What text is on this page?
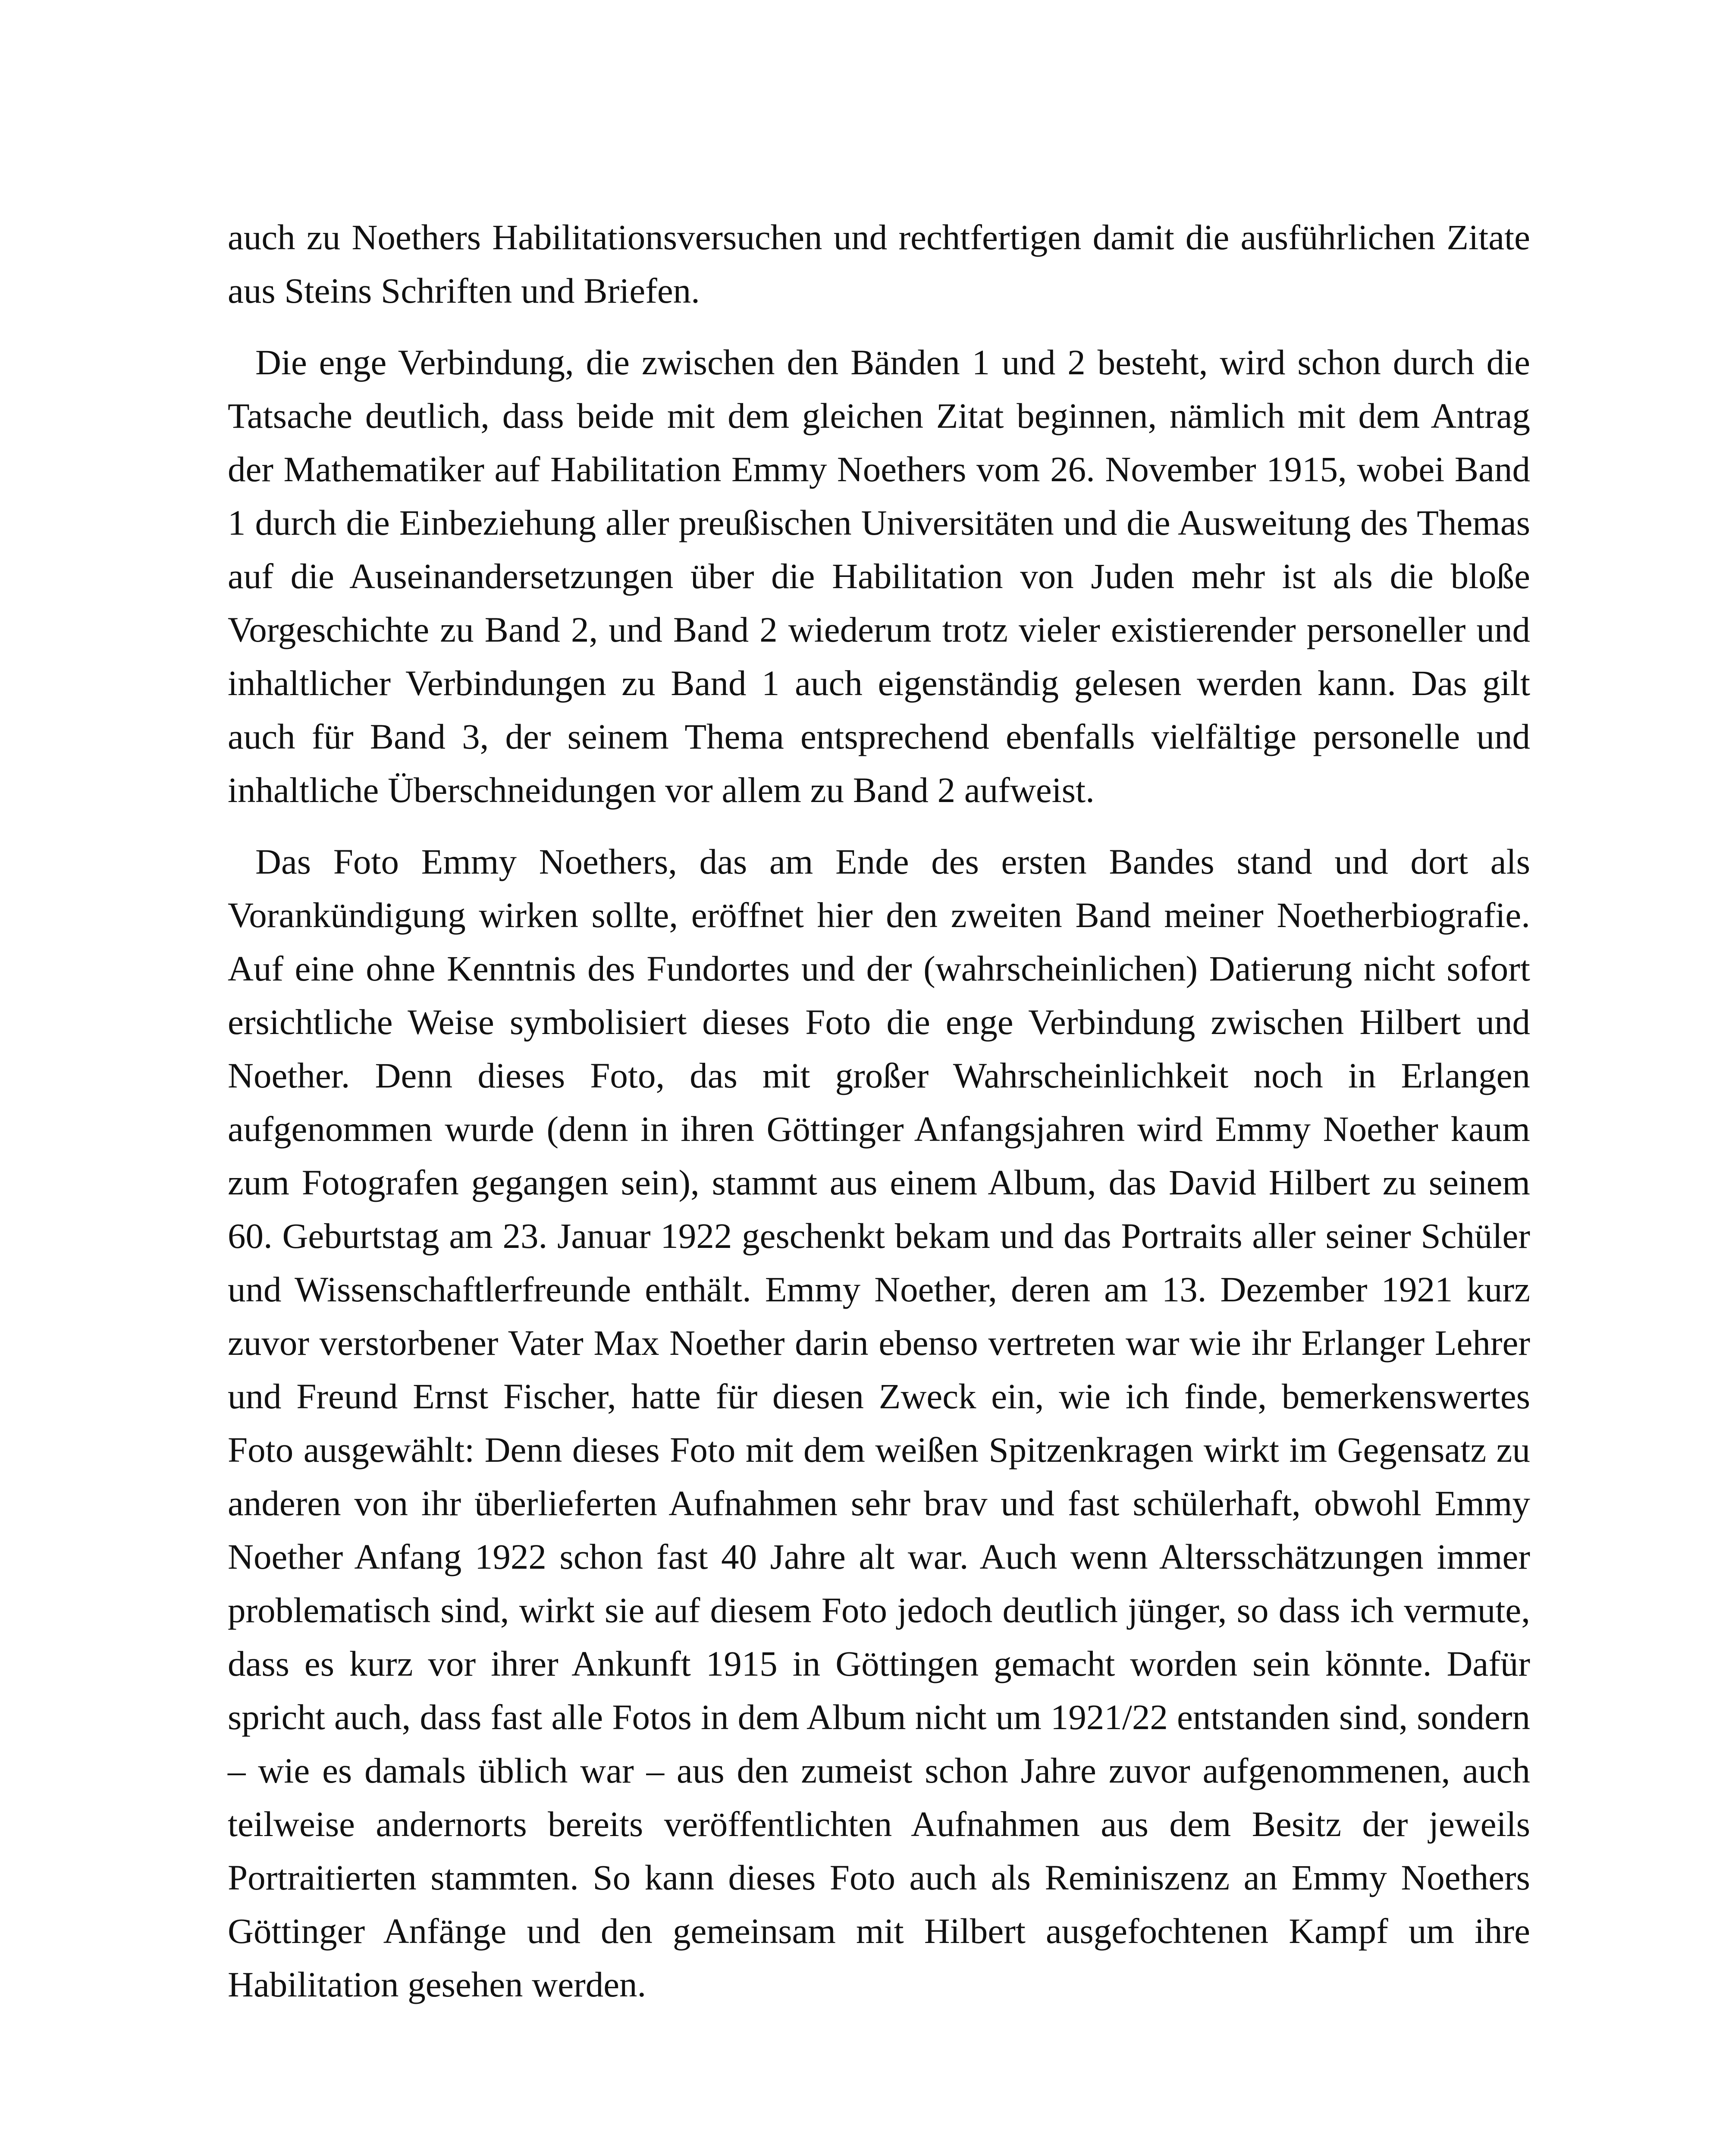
auch zu Noethers Habilitationsversuchen und rechtfertigen damit die ausführlichen Zitate aus Steins Schriften und Briefen.

Die enge Verbindung, die zwischen den Bänden 1 und 2 besteht, wird schon durch die Tatsache deutlich, dass beide mit dem gleichen Zitat beginnen, nämlich mit dem Antrag der Mathematiker auf Habilitation Emmy Noethers vom 26. November 1915, wobei Band 1 durch die Einbeziehung aller preußischen Universitäten und die Ausweitung des Themas auf die Auseinandersetzungen über die Habilitation von Juden mehr ist als die bloße Vorgeschichte zu Band 2, und Band 2 wiederum trotz vieler existierender personeller und inhaltlicher Verbindungen zu Band 1 auch eigenständig gelesen werden kann. Das gilt auch für Band 3, der seinem Thema entsprechend ebenfalls vielfältige personelle und inhaltliche Überschneidungen vor allem zu Band 2 aufweist.

Das Foto Emmy Noethers, das am Ende des ersten Bandes stand und dort als Vorankündigung wirken sollte, eröffnet hier den zweiten Band meiner Noetherbiografie. Auf eine ohne Kenntnis des Fundortes und der (wahrscheinlichen) Datierung nicht sofort ersichtliche Weise symbolisiert dieses Foto die enge Verbindung zwischen Hilbert und Noether. Denn dieses Foto, das mit großer Wahrscheinlichkeit noch in Erlangen aufgenommen wurde (denn in ihren Göttinger Anfangsjahren wird Emmy Noether kaum zum Fotografen gegangen sein), stammt aus einem Album, das David Hilbert zu seinem 60. Geburtstag am 23. Januar 1922 geschenkt bekam und das Portraits aller seiner Schüler und Wissenschaftlerfreunde enthält. Emmy Noether, deren am 13. Dezember 1921 kurz zuvor verstorbener Vater Max Noether darin ebenso vertreten war wie ihr Erlanger Lehrer und Freund Ernst Fischer, hatte für diesen Zweck ein, wie ich finde, bemerkenswertes Foto ausgewählt: Denn dieses Foto mit dem weißen Spitzenkragen wirkt im Gegensatz zu anderen von ihr überlieferten Aufnahmen sehr brav und fast schülerhaft, obwohl Emmy Noether Anfang 1922 schon fast 40 Jahre alt war. Auch wenn Altersschätzungen immer problematisch sind, wirkt sie auf diesem Foto jedoch deutlich jünger, so dass ich vermute, dass es kurz vor ihrer Ankunft 1915 in Göttingen gemacht worden sein könnte. Dafür spricht auch, dass fast alle Fotos in dem Album nicht um 1921/22 entstanden sind, sondern – wie es damals üblich war – aus den zumeist schon Jahre zuvor aufgenommenen, auch teilweise andernorts bereits veröffentlichten Aufnahmen aus dem Besitz der jeweils Portraitierten stammten. So kann dieses Foto auch als Reminiszenz an Emmy Noethers Göttinger Anfänge und den gemeinsam mit Hilbert ausgefochtenen Kampf um ihre Habilitation gesehen werden.
